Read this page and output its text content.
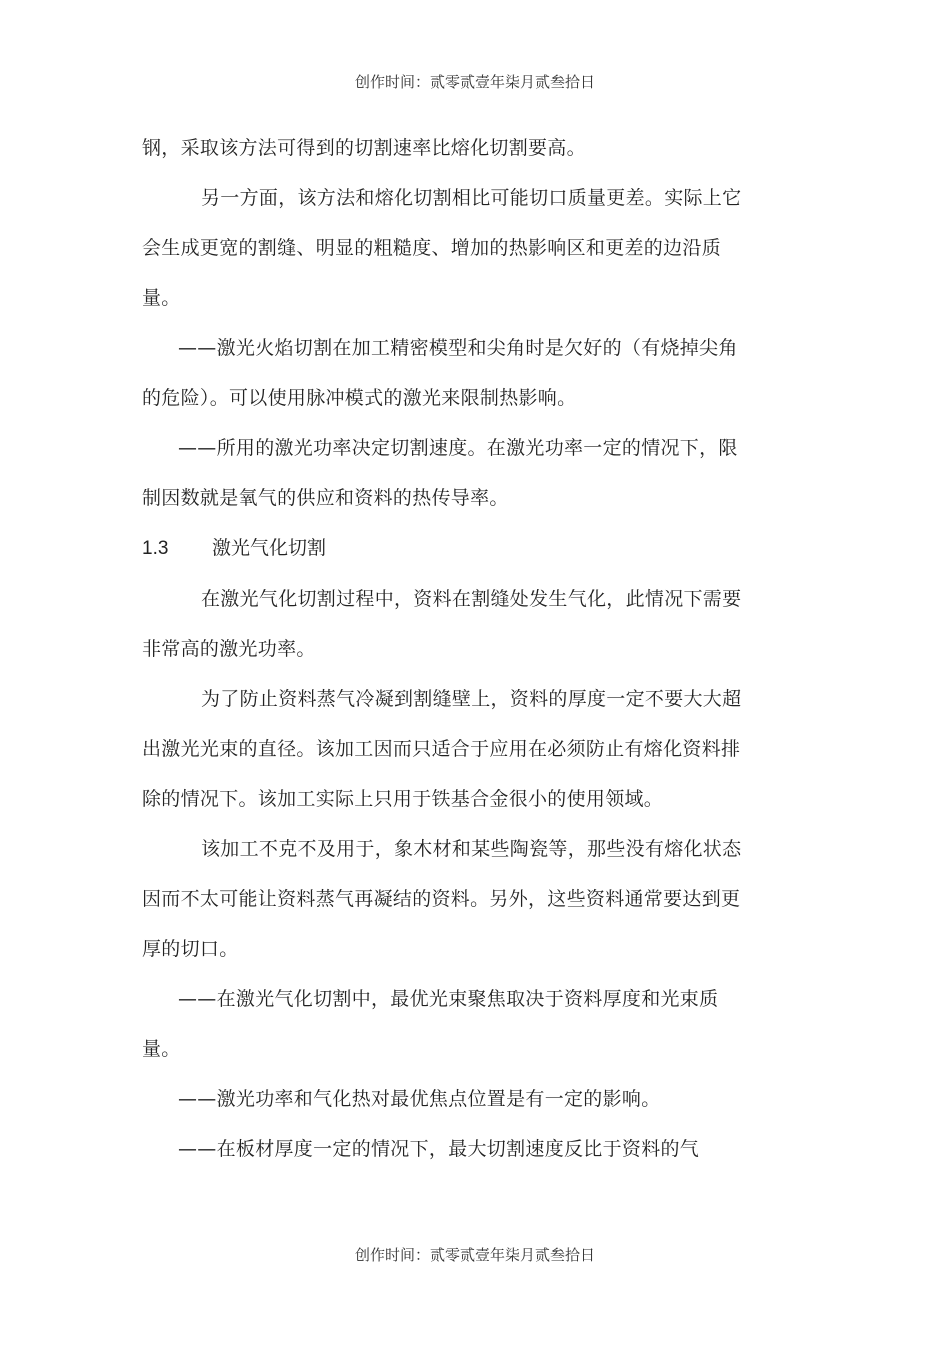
创作时间：贰零贰壹年柒月贰叁拾日

钢，采取该方法可得到的切割速率比熔化切割要高。

另一方面，该方法和熔化切割相比可能切口质量更差。实际上它会生成更宽的割缝、明显的粗糙度、增加的热影响区和更差的边沿质量。

——激光火焰切割在加工精密模型和尖角时是欠好的（有烧掉尖角的危险）。可以使用脉冲模式的激光来限制热影响。

——所用的激光功率决定切割速度。在激光功率一定的情况下，限制因数就是氧气的供应和资料的热传导率。

1.3	激光气化切割

在激光气化切割过程中，资料在割缝处发生气化，此情况下需要非常高的激光功率。

为了防止资料蒸气冷凝到割缝壁上，资料的厚度一定不要大大超出激光光束的直径。该加工因而只适合于应用在必须防止有熔化资料排除的情况下。该加工实际上只用于铁基合金很小的使用领域。

该加工不克不及用于，象木材和某些陶瓷等，那些没有熔化状态因而不太可能让资料蒸气再凝结的资料。另外，这些资料通常要达到更厚的切口。

——在激光气化切割中，最优光束聚焦取决于资料厚度和光束质量。

——激光功率和气化热对最优焦点位置是有一定的影响。

——在板材厚度一定的情况下，最大切割速度反比于资料的气

创作时间：贰零贰壹年柒月贰叁拾日
